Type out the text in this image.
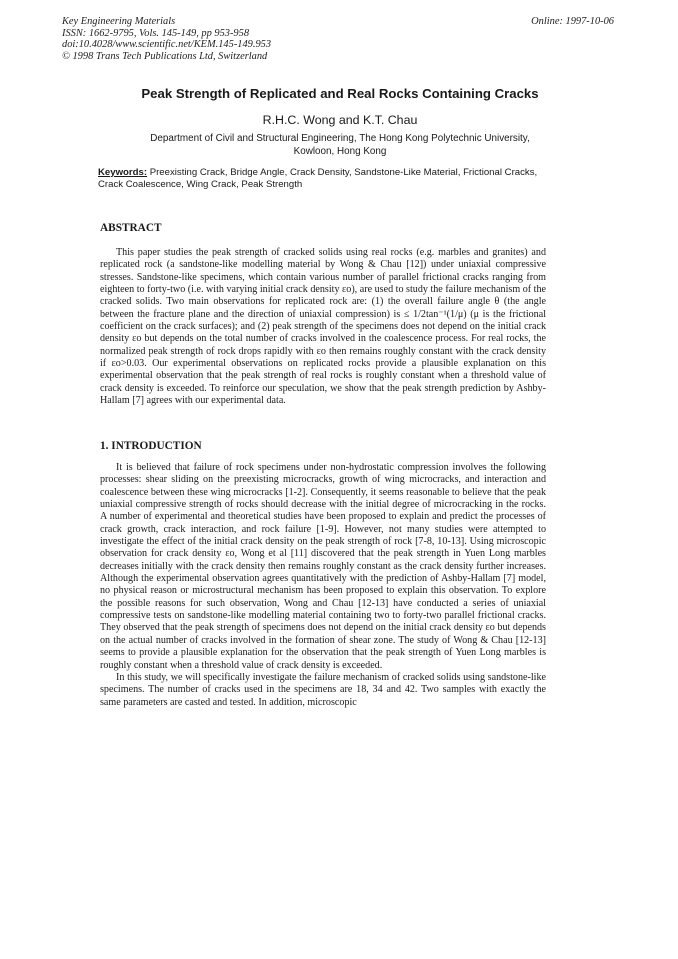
Key Engineering Materials
ISSN: 1662-9795, Vols. 145-149, pp 953-958
doi:10.4028/www.scientific.net/KEM.145-149.953
© 1998 Trans Tech Publications Ltd, Switzerland
Online: 1997-10-06
Peak Strength of Replicated and Real Rocks Containing Cracks
R.H.C. Wong and K.T. Chau
Department of Civil and Structural Engineering, The Hong Kong Polytechnic University,
Kowloon, Hong Kong
Keywords: Preexisting Crack, Bridge Angle, Crack Density, Sandstone-Like Material, Frictional Cracks, Crack Coalescence, Wing Crack, Peak Strength
ABSTRACT

This paper studies the peak strength of cracked solids using real rocks (e.g. marbles and granites) and replicated rock (a sandstone-like modelling material by Wong & Chau [12]) under uniaxial compressive stresses. Sandstone-like specimens, which contain various number of parallel frictional cracks ranging from eighteen to forty-two (i.e. with varying initial crack density εo), are used to study the failure mechanism of the cracked solids. Two main observations for replicated rock are: (1) the overall failure angle θ (the angle between the fracture plane and the direction of uniaxial compression) is ≤ 1/2tan⁻¹(1/μ) (μ is the frictional coefficient on the crack surfaces); and (2) peak strength of the specimens does not depend on the initial crack density εo but depends on the total number of cracks involved in the coalescence process. For real rocks, the normalized peak strength of rock drops rapidly with εo then remains roughly constant with the crack density if εo>0.03. Our experimental observations on replicated rocks provide a plausible explanation on this experimental observation that the peak strength of real rocks is roughly constant when a threshold value of crack density is exceeded. To reinforce our speculation, we show that the peak strength prediction by Ashby-Hallam [7] agrees with our experimental data.

1. INTRODUCTION

It is believed that failure of rock specimens under non-hydrostatic compression involves the following processes: shear sliding on the preexisting microcracks, growth of wing microcracks, and interaction and coalescence between these wing microcracks [1-2]. Consequently, it seems reasonable to believe that the peak uniaxial compressive strength of rocks should decrease with the initial degree of microcracking in the rocks. A number of experimental and theoretical studies have been proposed to explain and predict the processes of crack growth, crack interaction, and rock failure [1-9]. However, not many studies were attempted to investigate the effect of the initial crack density on the peak strength of rock [7-8, 10-13]. Using microscopic observation for crack density εo, Wong et al [11] discovered that the peak strength in Yuen Long marbles decreases initially with the crack density then remains roughly constant as the crack density further increases. Although the experimental observation agrees quantitatively with the prediction of Ashby-Hallam [7] model, no physical reason or microstructural mechanism has been proposed to explain this observation. To explore the possible reasons for such observation, Wong and Chau [12-13] have conducted a series of uniaxial compressive tests on sandstone-like modelling material containing two to forty-two parallel frictional cracks. They observed that the peak strength of specimens does not depend on the initial crack density εo but depends on the actual number of cracks involved in the formation of shear zone. The study of Wong & Chau [12-13] seems to provide a plausible explanation for the observation that the peak strength of Yuen Long marbles is roughly constant when a threshold value of crack density is exceeded.

In this study, we will specifically investigate the failure mechanism of cracked solids using sandstone-like specimens. The number of cracks used in the specimens are 18, 34 and 42. Two samples with exactly the same parameters are casted and tested. In addition, microscopic
